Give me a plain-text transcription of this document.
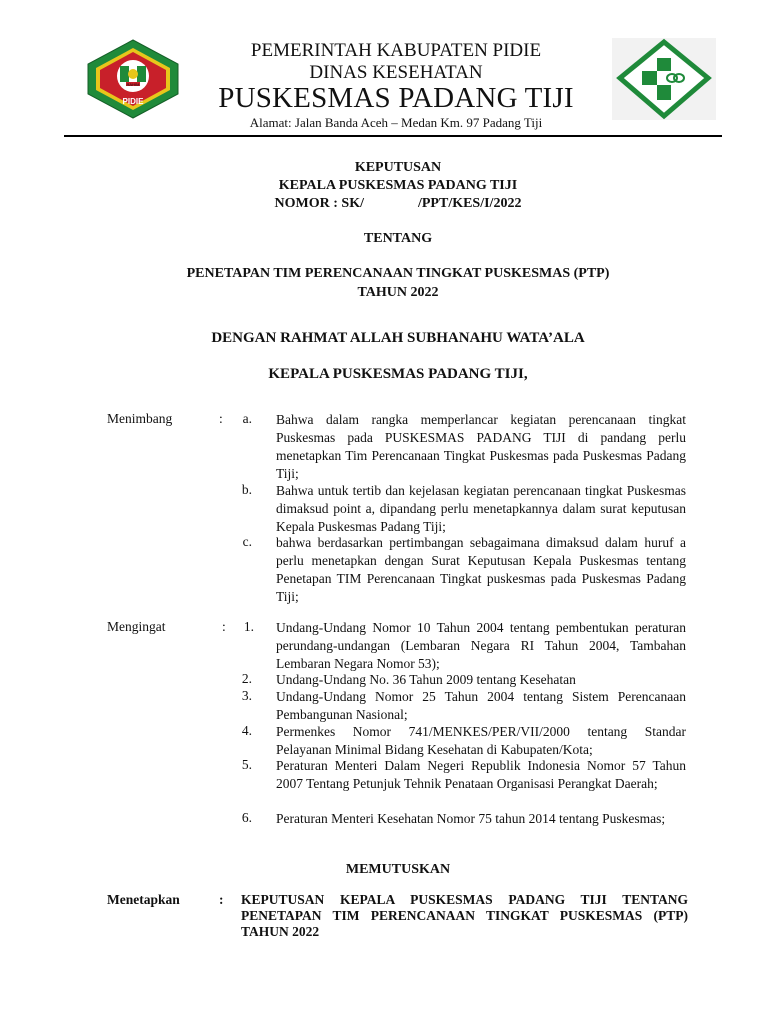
PIDIE
RAHIM
PEMERINTAH KABUPATEN PIDIE
DINAS KESEHATAN
PUSKESMAS PADANG TIJI
Alamat: Jalan Banda Aceh – Medan Km. 97 Padang Tiji
KEPUTUSAN
KEPALA PUSKESMAS PADANG TIJI
NOMOR : SK/	/PPT/KES/I/2022
TENTANG
PENETAPAN TIM PERENCANAAN TINGKAT PUSKESMAS (PTP)
TAHUN 2022
DENGAN RAHMAT ALLAH SUBHANAHU WATA’ALA
KEPALA PUSKESMAS PADANG TIJI,
Menimbang	:	a. Bahwa dalam rangka memperlancar kegiatan perencanaan tingkat Puskesmas pada PUSKESMAS PADANG TIJI di pandang perlu menetapkan Tim Perencanaan Tingkat Puskesmas pada Puskesmas Padang Tiji;
b. Bahwa untuk tertib dan kejelasan kegiatan perencanaan tingkat Puskesmas dimaksud point a, dipandang perlu menetapkannya dalam surat keputusan Kepala Puskesmas Padang Tiji;
c. bahwa berdasarkan pertimbangan sebagaimana dimaksud dalam huruf a perlu menetapkan dengan Surat Keputusan Kepala Puskesmas tentang Penetapan TIM Perencanaan Tingkat puskesmas pada Puskesmas Padang Tiji;
Mengingat	:	1. Undang-Undang Nomor 10 Tahun 2004 tentang pembentukan peraturan perundang-undangan (Lembaran Negara RI Tahun 2004, Tambahan Lembaran Negara Nomor 53);
2. Undang-Undang No. 36 Tahun 2009 tentang Kesehatan
3. Undang-Undang Nomor 25 Tahun 2004 tentang Sistem Perencanaan Pembangunan Nasional;
4. Permenkes Nomor 741/MENKES/PER/VII/2000 tentang Standar Pelayanan Minimal Bidang Kesehatan di Kabupaten/Kota;
5. Peraturan Menteri Dalam Negeri Republik Indonesia Nomor 57 Tahun 2007 Tentang Petunjuk Tehnik Penataan Organisasi Perangkat Daerah;
6. Peraturan Menteri Kesehatan Nomor 75 tahun 2014 tentang Puskesmas;
MEMUTUSKAN
Menetapkan	: KEPUTUSAN KEPALA PUSKESMAS PADANG TIJI TENTANG PENETAPAN TIM PERENCANAAN TINGKAT PUSKESMAS (PTP) TAHUN 2022
